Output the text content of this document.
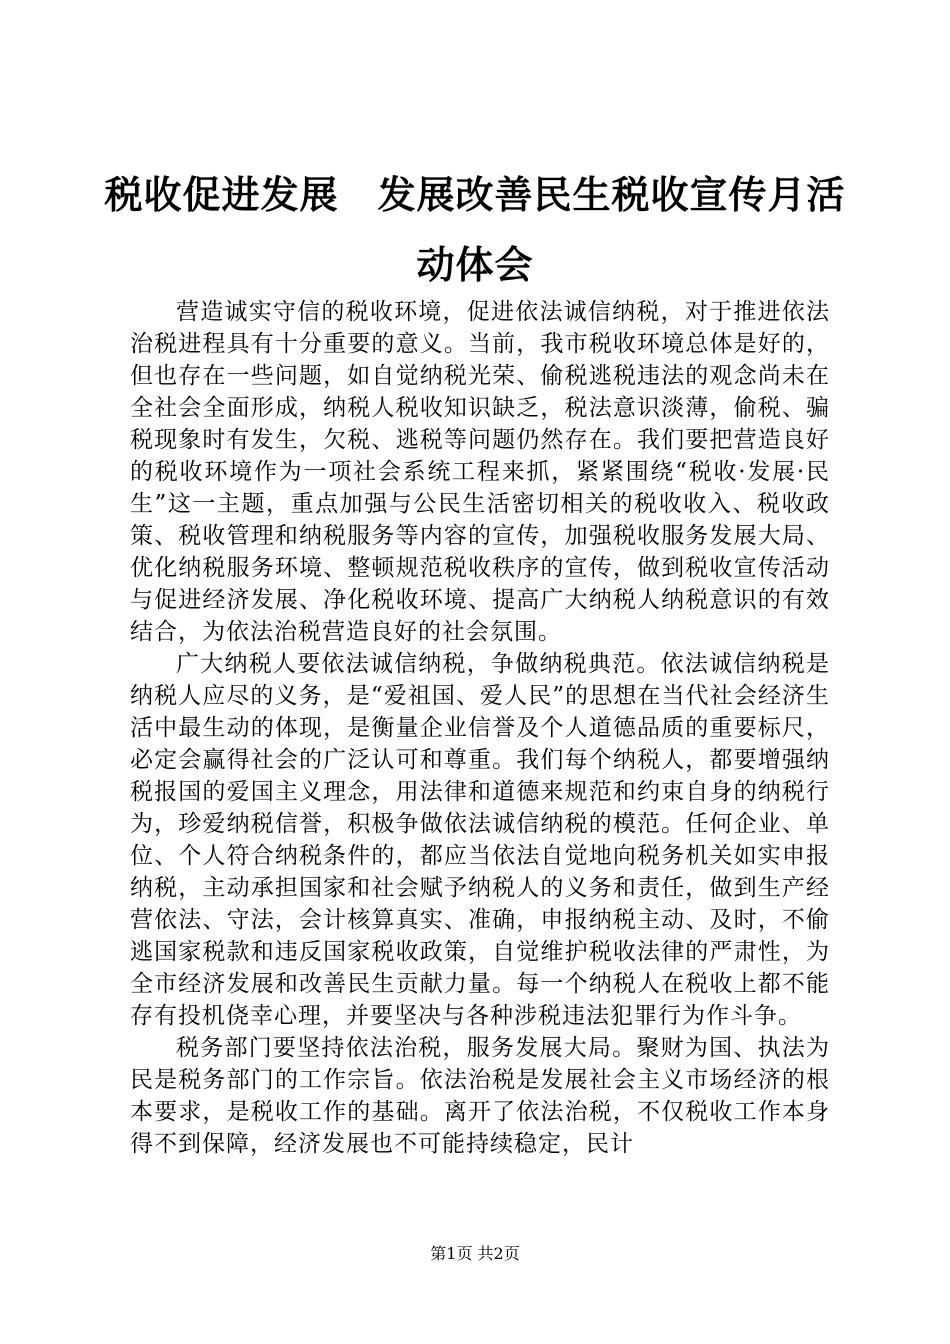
税收促进发展　发展改善民生税收宣传月活动体会

营造诚实守信的税收环境，促进依法诚信纳税，对于推进依法治税进程具有十分重要的意义。当前，我市税收环境总体是好的，但也存在一些问题，如自觉纳税光荣、偷税逃税违法的观念尚未在全社会全面形成，纳税人税收知识缺乏，税法意识淡薄，偷税、骗税现象时有发生，欠税、逃税等问题仍然存在。我们要把营造良好的税收环境作为一项社会系统工程来抓，紧紧围绕“税收·发展·民生”这一主题，重点加强与公民生活密切相关的税收收入、税收政策、税收管理和纳税服务等内容的宣传，加强税收服务发展大局、优化纳税服务环境、整顿规范税收秩序的宣传，做到税收宣传活动与促进经济发展、净化税收环境、提高广大纳税人纳税意识的有效结合，为依法治税营造良好的社会氛围。

广大纳税人要依法诚信纳税，争做纳税典范。依法诚信纳税是纳税人应尽的义务，是“爱祖国、爱人民”的思想在当代社会经济生活中最生动的体现，是衡量企业信誉及个人道德品质的重要标尺，必定会赢得社会的广泛认可和尊重。我们每个纳税人，都要增强纳税报国的爱国主义理念，用法律和道德来规范和约束自身的纳税行为，珍爱纳税信誉，积极争做依法诚信纳税的模范。任何企业、单位、个人符合纳税条件的，都应当依法自觉地向税务机关如实申报纳税，主动承担国家和社会赋予纳税人的义务和责任，做到生产经营依法、守法，会计核算真实、准确，申报纳税主动、及时，不偷逃国家税款和违反国家税收政策，自觉维护税收法律的严肃性，为全市经济发展和改善民生贡献力量。每一个纳税人在税收上都不能存有投机侥幸心理，并要坚决与各种涉税违法犯罪行为作斗争。

税务部门要坚持依法治税，服务发展大局。聚财为国、执法为民是税务部门的工作宗旨。依法治税是发展社会主义市场经济的根本要求，是税收工作的基础。离开了依法治税，不仅税收工作本身得不到保障，经济发展也不可能持续稳定，民计

第1页 共2页
